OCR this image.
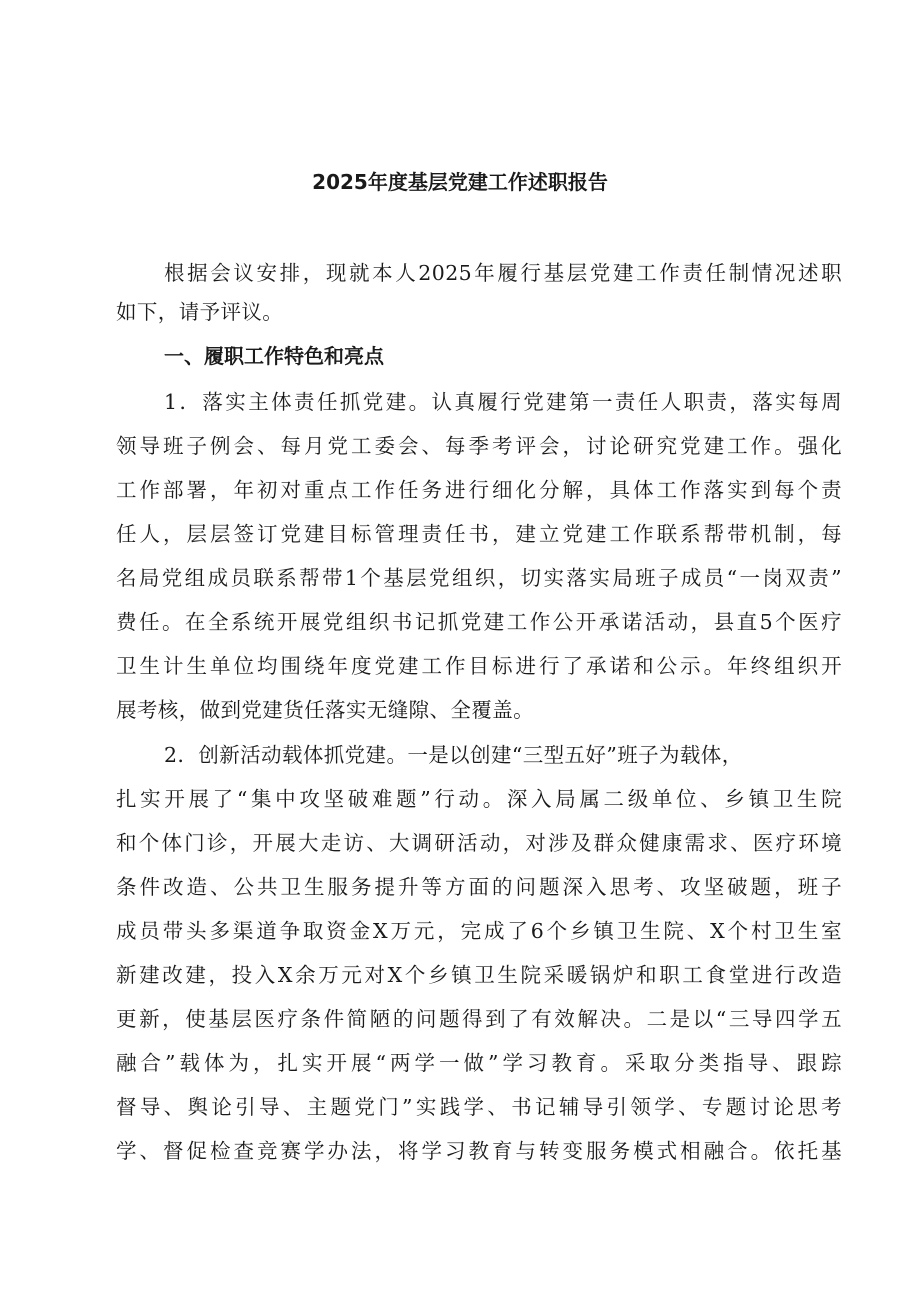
2025年度基层党建工作述职报告
根据会议安排，现就本人2025年履行基层党建工作责任制情况述职
如下，请予评议。
一、履职工作特色和亮点
1．落实主体责任抓党建。认真履行党建第一责任人职责，落实每周
领导班子例会、每月党工委会、每季考评会，讨论研究党建工作。强化
工作部署，年初对重点工作任务进行细化分解，具体工作落实到每个责
任人，层层签订党建目标管理责任书，建立党建工作联系帮带机制，每
名局党组成员联系帮带1个基层党组织，切实落实局班子成员“一岗双责”
费任。在全系统开展党组织书记抓党建工作公开承诺活动，县直5个医疗
卫生计生单位均围绕年度党建工作目标进行了承诺和公示。年终组织开
展考核，做到党建货任落实无缝隙、全覆盖。
2．创新活动载体抓党建。一是以创建“三型五好”班子为载体，
扎实开展了“集中攻坚破难题”行动。深入局属二级单位、乡镇卫生院
和个体门诊，开展大走访、大调研活动，对涉及群众健康需求、医疗环境
条件改造、公共卫生服务提升等方面的问题深入思考、攻坚破题，班子
成员带头多渠道争取资金X万元，完成了6个乡镇卫生院、X个村卫生室
新建改建，投入X余万元对X个乡镇卫生院采暖锅炉和职工食堂进行改造
更新，使基层医疗条件简陋的问题得到了有效解决。二是以“三导四学五
融合”载体为，扎实开展“两学一做”学习教育。采取分类指导、跟踪
督导、舆论引导、主题党门”实践学、书记辅导引领学、专题讨论思考
学、督促检查竞赛学办法，将学习教育与转变服务模式相融合。依托基
